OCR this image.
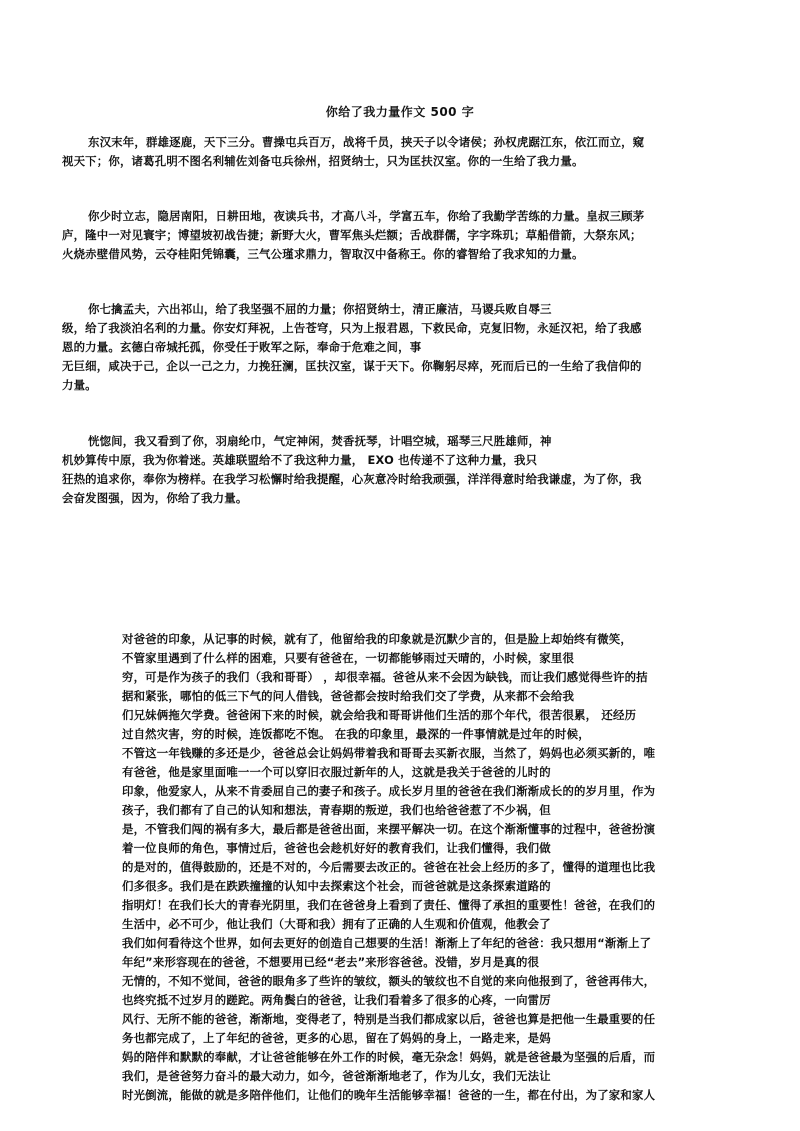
你给了我力量作文 500 字
东汉末年，群雄逐鹿，天下三分。曹操屯兵百万，战将千员，挟天子以令诸侯；孙权虎踞江东，依江而立，窥
视天下；你，诸葛孔明不图名利辅佐刘备屯兵徐州，招贤纳士，只为匡扶汉室。你的一生给了我力量。
你少时立志，隐居南阳，日耕田地，夜读兵书，才高八斗，学富五车，你给了我勤学苦练的力量。皇叔三顾茅
庐，隆中一对见寰宇；博望坡初战告捷；新野大火，曹军焦头烂额；舌战群儒，字字珠玑；草船借箭，大祭东风；
火烧赤壁借风势，云夺桂阳凭锦囊，三气公瑾求鼎力，智取汉中备称王。你的睿智给了我求知的力量。
你七擒孟夫，六出祁山，给了我坚强不屈的力量；你招贤纳士，清正廉洁，马谡兵败自辱三
级，给了我淡泊名利的力量。你安灯拜祝，上告苍穹，只为上报君恩，下救民命，克复旧物，永延汉祀，给了我感
恩的力量。玄德白帝城托孤，你受任于败军之际，奉命于危难之间，事
无巨细，咸决于己，企以一己之力，力挽狂澜，匡扶汉室，谋于天下。你鞠躬尽瘁，死而后已的一生给了我信仰的
力量。
恍惚间，我又看到了你，羽扇纶巾，气定神闲，焚香抚琴，计唱空城，瑶琴三尺胜雄师，神
机妙算传中原，我为你着迷。英雄联盟给不了我这种力量， EXO 也传递不了这种力量，我只
狂热的追求你，奉你为榜样。在我学习松懈时给我提醒，心灰意冷时给我顽强，洋洋得意时给我谦虚，为了你，我
会奋发图强，因为，你给了我力量。
对爸爸的印象，从记事的时候，就有了，他留给我的印象就是沉默少言的，但是脸上却始终有微笑，
不管家里遇到了什么样的困难，只要有爸爸在，一切都能够雨过天晴的，小时候，家里很
穷，可是作为孩子的我们（我和哥哥） ，却很幸福。爸爸从来不会因为缺钱，而让我们感觉得些许的拮
据和紧张，哪怕的低三下气的问人借钱，爸爸都会按时给我们交了学费，从来都不会给我
们兄妹俩拖欠学费。爸爸闲下来的时候，就会给我和哥哥讲他们生活的那个年代，很苦很累， 还经历
过自然灾害，穷的时候，连饭都吃不饱。 在我的印象里，最深的一件事情就是过年的时候，
不管这一年钱赚的多还是少，爸爸总会让妈妈带着我和哥哥去买新衣服，当然了，妈妈也必须买新的，唯
有爸爸，他是家里面唯一一个可以穿旧衣服过新年的人，这就是我关于爸爸的儿时的
印象，他爱家人，从来不肯委屈自己的妻子和孩子。成长岁月里的爸爸在我们渐渐成长的的岁月里，作为
孩子，我们都有了自己的认知和想法，青春期的叛逆，我们也给爸爸惹了不少祸，但
是，不管我们闯的祸有多大，最后都是爸爸出面，来摆平解决一切。在这个渐渐懂事的过程中，爸爸扮演
着一位良师的角色，事情过后，爸爸也会趁机好好的教育我们，让我们懂得，我们做
的是对的，值得鼓励的，还是不对的，今后需要去改正的。爸爸在社会上经历的多了，懂得的道理也比我
们多很多。我们是在跌跌撞撞的认知中去探索这个社会，而爸爸就是这条探索道路的
指明灯！在我们长大的青春光阴里，我们在爸爸身上看到了责任、懂得了承担的重要性！爸爸，在我们的
生活中，必不可少，他让我们（大哥和我）拥有了正确的人生观和价值观，他教会了
我们如何看待这个世界，如何去更好的创造自己想要的生活！渐渐上了年纪的爸爸：我只想用“渐渐上了
年纪”来形容现在的爸爸，不想要用已经“老去”来形容爸爸。没错，岁月是真的很
无情的，不知不觉间，爸爸的眼角多了些许的皱纹，额头的皱纹也不自觉的来向他报到了，爸爸再伟大，
也终究抵不过岁月的蹉跎。两角鬓白的爸爸，让我们看着多了很多的心疼，一向雷厉
风行、无所不能的爸爸，渐渐地，变得老了，特别是当我们都成家以后，爸爸也算是把他一生最重要的任
务也都完成了，上了年纪的爸爸，更多的心思，留在了妈妈的身上，一路走来，是妈
妈的陪伴和默默的奉献，才让爸爸能够在外工作的时候，毫无杂念！妈妈，就是爸爸最为坚强的后盾，而
我们，是爸爸努力奋斗的最大动力，如今，爸爸渐渐地老了，作为儿女，我们无法让
时光倒流，能做的就是多陪伴他们，让他们的晚年生活能够幸福！爸爸的一生，都在付出，为了家和家人
